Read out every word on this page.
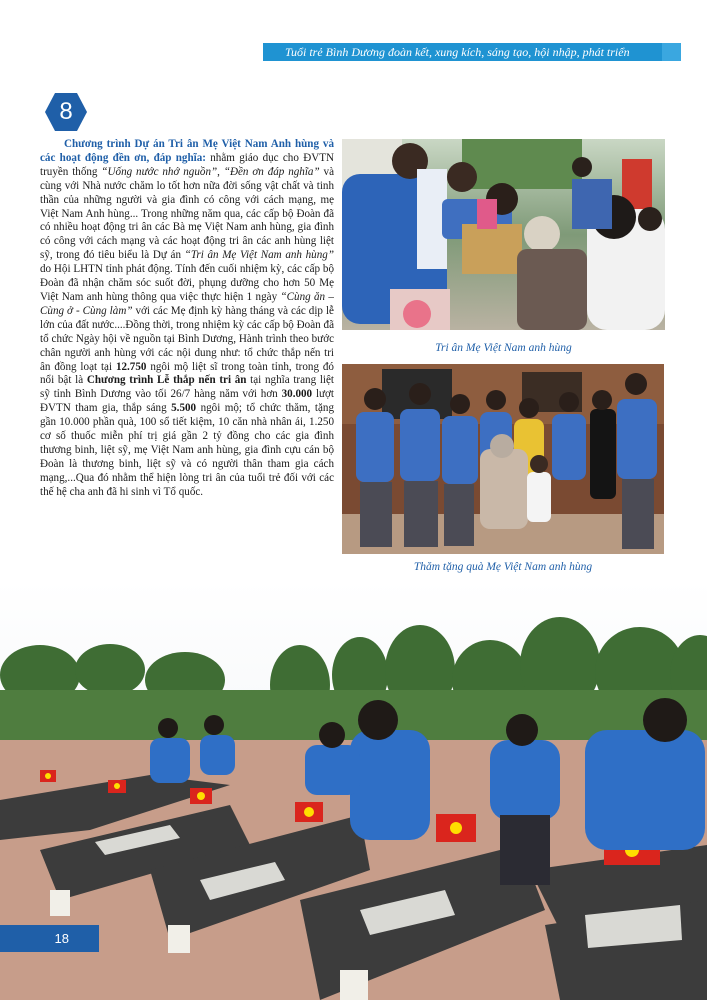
Tuổi trẻ Bình Dương đoàn kết, xung kích, sáng tạo, hội nhập, phát triển
8

Chương trình Dự án Tri ân Mẹ Việt Nam Anh hùng và các hoạt động đền ơn, đáp nghĩa: nhằm giáo dục cho ĐVTN truyền thống “Uống nước nhớ nguồn”, “Đền ơn đáp nghĩa” và cùng với Nhà nước chăm lo tốt hơn nữa đời sống vật chất và tinh thần của những người và gia đình có công với cách mạng, mẹ Việt Nam Anh hùng... Trong những năm qua, các cấp bộ Đoàn đã có nhiều hoạt động tri ân các Bà mẹ Việt Nam anh hùng, gia đình có công với cách mạng và các hoạt động tri ân các anh hùng liệt sỹ, trong đó tiêu biểu là Dự án “Tri ân Mẹ Việt Nam anh hùng” do Hội LHTN tỉnh phát động. Tính đến cuối nhiệm kỳ, các cấp bộ Đoàn đã nhận chăm sóc suốt đời, phụng dưỡng cho hơn 50 Mẹ Việt Nam anh hùng thông qua việc thực hiện 1 ngày “Cùng ăn – Cùng ở - Cùng làm” với các Mẹ định kỳ hàng tháng và các dịp lễ lớn của đất nước....Đồng thời, trong nhiệm kỳ các cấp bộ Đoàn đã tổ chức Ngày hội về nguồn tại Bình Dương, Hành trình theo bước chân người anh hùng với các nội dung như: tổ chức thắp nến tri ân đồng loạt tại 12.750 ngôi mộ liệt sĩ trong toàn tỉnh, trong đó nổi bật là Chương trình Lễ thắp nến tri ân tại nghĩa trang liệt sỹ tỉnh Bình Dương vào tối 26/7 hàng năm với hơn 30.000 lượt ĐVTN tham gia, thắp sáng 5.500 ngôi mộ; tổ chức thăm, tặng gần 10.000 phần quà, 100 sổ tiết kiệm, 10 căn nhà nhân ái, 1.250 cơ số thuốc miễn phí trị giá gần 2 tỷ đồng cho các gia đình thương binh, liệt sỹ, mẹ Việt Nam anh hùng, gia đình cựu cán bộ Đoàn là thương binh, liệt sỹ và có người thân tham gia cách mạng,...Qua đó nhằm thể hiện lòng tri ân của tuổi trẻ đối với các thế hệ cha anh đã hi sinh vì Tổ quốc.

Tri ân Mẹ Việt Nam anh hùng
Thăm tặng quà Mẹ Việt Nam anh hùng
18
